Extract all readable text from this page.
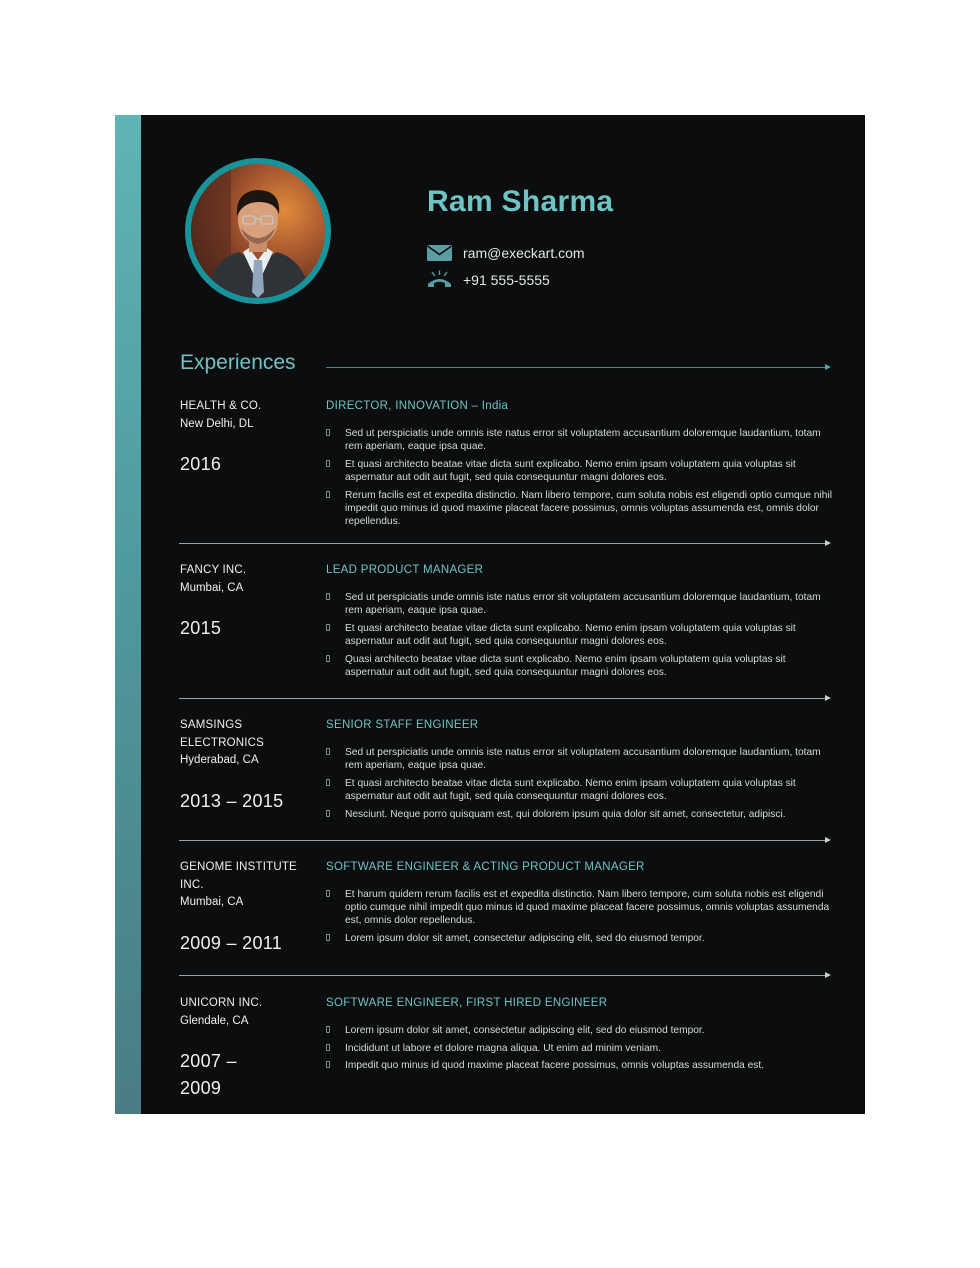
Ram Sharma
ram@execkart.com
+91 555-5555
Experiences

HEALTH & CO.

New Delhi, DL

2016

DIRECTOR, INNOVATION – India

Sed ut perspiciatis unde omnis iste natus error sit voluptatem accusantium doloremque laudantium, totam rem aperiam, eaque ipsa quae.
Et quasi architecto beatae vitae dicta sunt explicabo. Nemo enim ipsam voluptatem quia voluptas sit aspernatur aut odit aut fugit, sed quia consequuntur magni dolores eos.
Rerum facilis est et expedita distinctio. Nam libero tempore, cum soluta nobis est eligendi optio cumque nihil impedit quo minus id quod maxime placeat facere possimus, omnis voluptas assumenda est, omnis dolor repellendus.

FANCY INC.

Mumbai, CA

2015

LEAD PRODUCT MANAGER

Sed ut perspiciatis unde omnis iste natus error sit voluptatem accusantium doloremque laudantium, totam rem aperiam, eaque ipsa quae.
Et quasi architecto beatae vitae dicta sunt explicabo. Nemo enim ipsam voluptatem quia voluptas sit aspernatur aut odit aut fugit, sed quia consequuntur magni dolores eos.
Quasi architecto beatae vitae dicta sunt explicabo. Nemo enim ipsam voluptatem quia voluptas sit aspernatur aut odit aut fugit, sed quia consequuntur magni dolores eos.

SAMSINGS ELECTRONICS

Hyderabad, CA

2013 – 2015

SENIOR STAFF ENGINEER

Sed ut perspiciatis unde omnis iste natus error sit voluptatem accusantium doloremque laudantium, totam rem aperiam, eaque ipsa quae.
Et quasi architecto beatae vitae dicta sunt explicabo. Nemo enim ipsam voluptatem quia voluptas sit aspernatur aut odit aut fugit, sed quia consequuntur magni dolores eos.
Nesciunt. Neque porro quisquam est, qui dolorem ipsum quia dolor sit amet, consectetur, adipisci.

GENOME INSTITUTE INC.

Mumbai, CA

2009 – 2011

SOFTWARE ENGINEER & ACTING PRODUCT MANAGER

Et harum quidem rerum facilis est et expedita distinctio. Nam libero tempore, cum soluta nobis est eligendi optio cumque nihil impedit quo minus id quod maxime placeat facere possimus, omnis voluptas assumenda est, omnis dolor repellendus.
Lorem ipsum dolor sit amet, consectetur adipiscing elit, sed do eiusmod tempor.

UNICORN INC.

Glendale, CA

2007 – 2009

SOFTWARE ENGINEER, FIRST HIRED ENGINEER

Lorem ipsum dolor sit amet, consectetur adipiscing elit, sed do eiusmod tempor.
Incididunt ut labore et dolore magna aliqua. Ut enim ad minim veniam.
Impedit quo minus id quod maxime placeat facere possimus, omnis voluptas assumenda est.
